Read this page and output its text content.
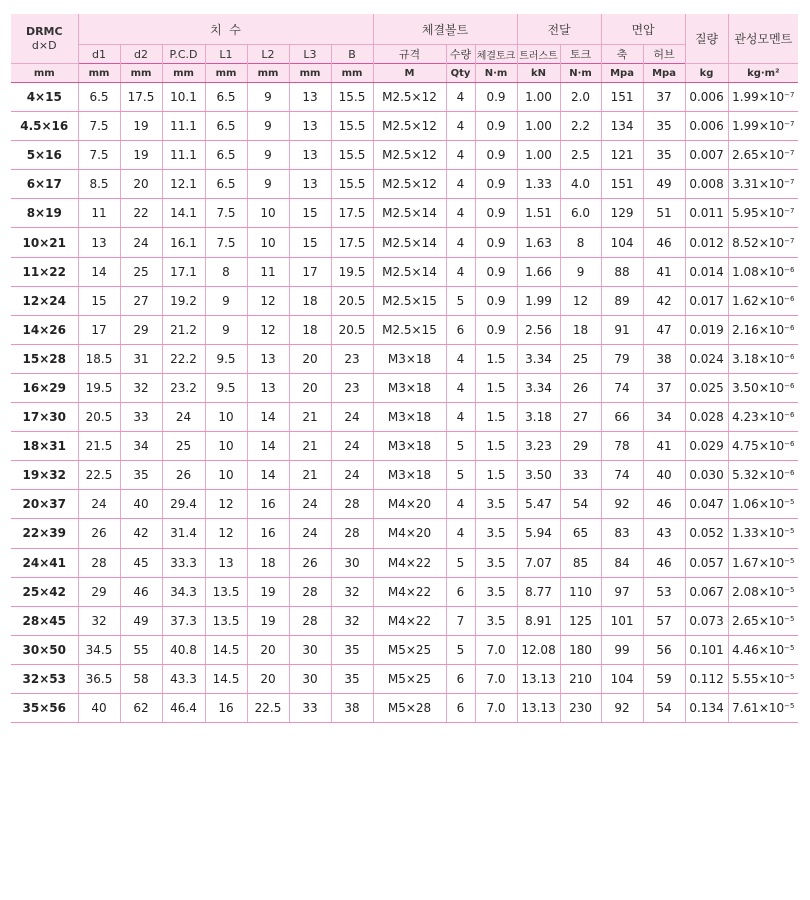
DRMC
d×D	치  수							체결볼트			전달		면압		질량	관성모멘트
	d1	d2	P.C.D	L1	L2	L3	B	규격	수량	체결토크	트러스트	토크	축	허브		
mm	mm	mm	mm	mm	mm	mm	mm	M	Qty	N·m	kN	N·m	Mpa	Mpa	kg	kg·m²
4×15	6.5	17.5	10.1	6.5	9	13	15.5	M2.5×12	4	0.9	1.00	2.0	151	37	0.006	$1.99\times 10^{-7}$
4.5×16	7.5	19	11.1	6.5	9	13	15.5	M2.5×12	4	0.9	1.00	2.2	134	35	0.006	$1.99\times 10^{-7}$
5×16	7.5	19	11.1	6.5	9	13	15.5	M2.5×12	4	0.9	1.00	2.5	121	35	0.007	$2.65\times 10^{-7}$
6×17	8.5	20	12.1	6.5	9	13	15.5	M2.5×12	4	0.9	1.33	4.0	151	49	0.008	$3.31\times 10^{-7}$
8×19	11	22	14.1	7.5	10	15	17.5	M2.5×14	4	0.9	1.51	6.0	129	51	0.011	$5.95\times 10^{-7}$
10×21	13	24	16.1	7.5	10	15	17.5	M2.5×14	4	0.9	1.63	8	104	46	0.012	$8.52\times 10^{-7}$
11×22	14	25	17.1	8	11	17	19.5	M2.5×14	4	0.9	1.66	9	88	41	0.014	$1.08\times 10^{-6}$
12×24	15	27	19.2	9	12	18	20.5	M2.5×15	5	0.9	1.99	12	89	42	0.017	$1.62\times 10^{-6}$
14×26	17	29	21.2	9	12	18	20.5	M2.5×15	6	0.9	2.56	18	91	47	0.019	$2.16\times 10^{-6}$
15×28	18.5	31	22.2	9.5	13	20	23	M3×18	4	1.5	3.34	25	79	38	0.024	$3.18\times 10^{-6}$
16×29	19.5	32	23.2	9.5	13	20	23	M3×18	4	1.5	3.34	26	74	37	0.025	$3.50\times 10^{-6}$
17×30	20.5	33	24	10	14	21	24	M3×18	4	1.5	3.18	27	66	34	0.028	$4.23\times 10^{-6}$
18×31	21.5	34	25	10	14	21	24	M3×18	5	1.5	3.23	29	78	41	0.029	$4.75\times 10^{-6}$
19×32	22.5	35	26	10	14	21	24	M3×18	5	1.5	3.50	33	74	40	0.030	$5.32\times 10^{-6}$
20×37	24	40	29.4	12	16	24	28	M4×20	4	3.5	5.47	54	92	46	0.047	$1.06\times 10^{-5}$
22×39	26	42	31.4	12	16	24	28	M4×20	4	3.5	5.94	65	83	43	0.052	$1.33\times 10^{-5}$
24×41	28	45	33.3	13	18	26	30	M4×22	5	3.5	7.07	85	84	46	0.057	$1.67\times 10^{-5}$
25×42	29	46	34.3	13.5	19	28	32	M4×22	6	3.5	8.77	110	97	53	0.067	$2.08\times 10^{-5}$
28×45	32	49	37.3	13.5	19	28	32	M4×22	7	3.5	8.91	125	101	57	0.073	$2.65\times 10^{-5}$
30×50	34.5	55	40.8	14.5	20	30	35	M5×25	5	7.0	12.08	180	99	56	0.101	$4.46\times 10^{-5}$
32×53	36.5	58	43.3	14.5	20	30	35	M5×25	6	7.0	13.13	210	104	59	0.112	$5.55\times 10^{-5}$
35×56	40	62	46.4	16	22.5	33	38	M5×28	6	7.0	13.13	230	92	54	0.134	$7.61\times 10^{-5}$
